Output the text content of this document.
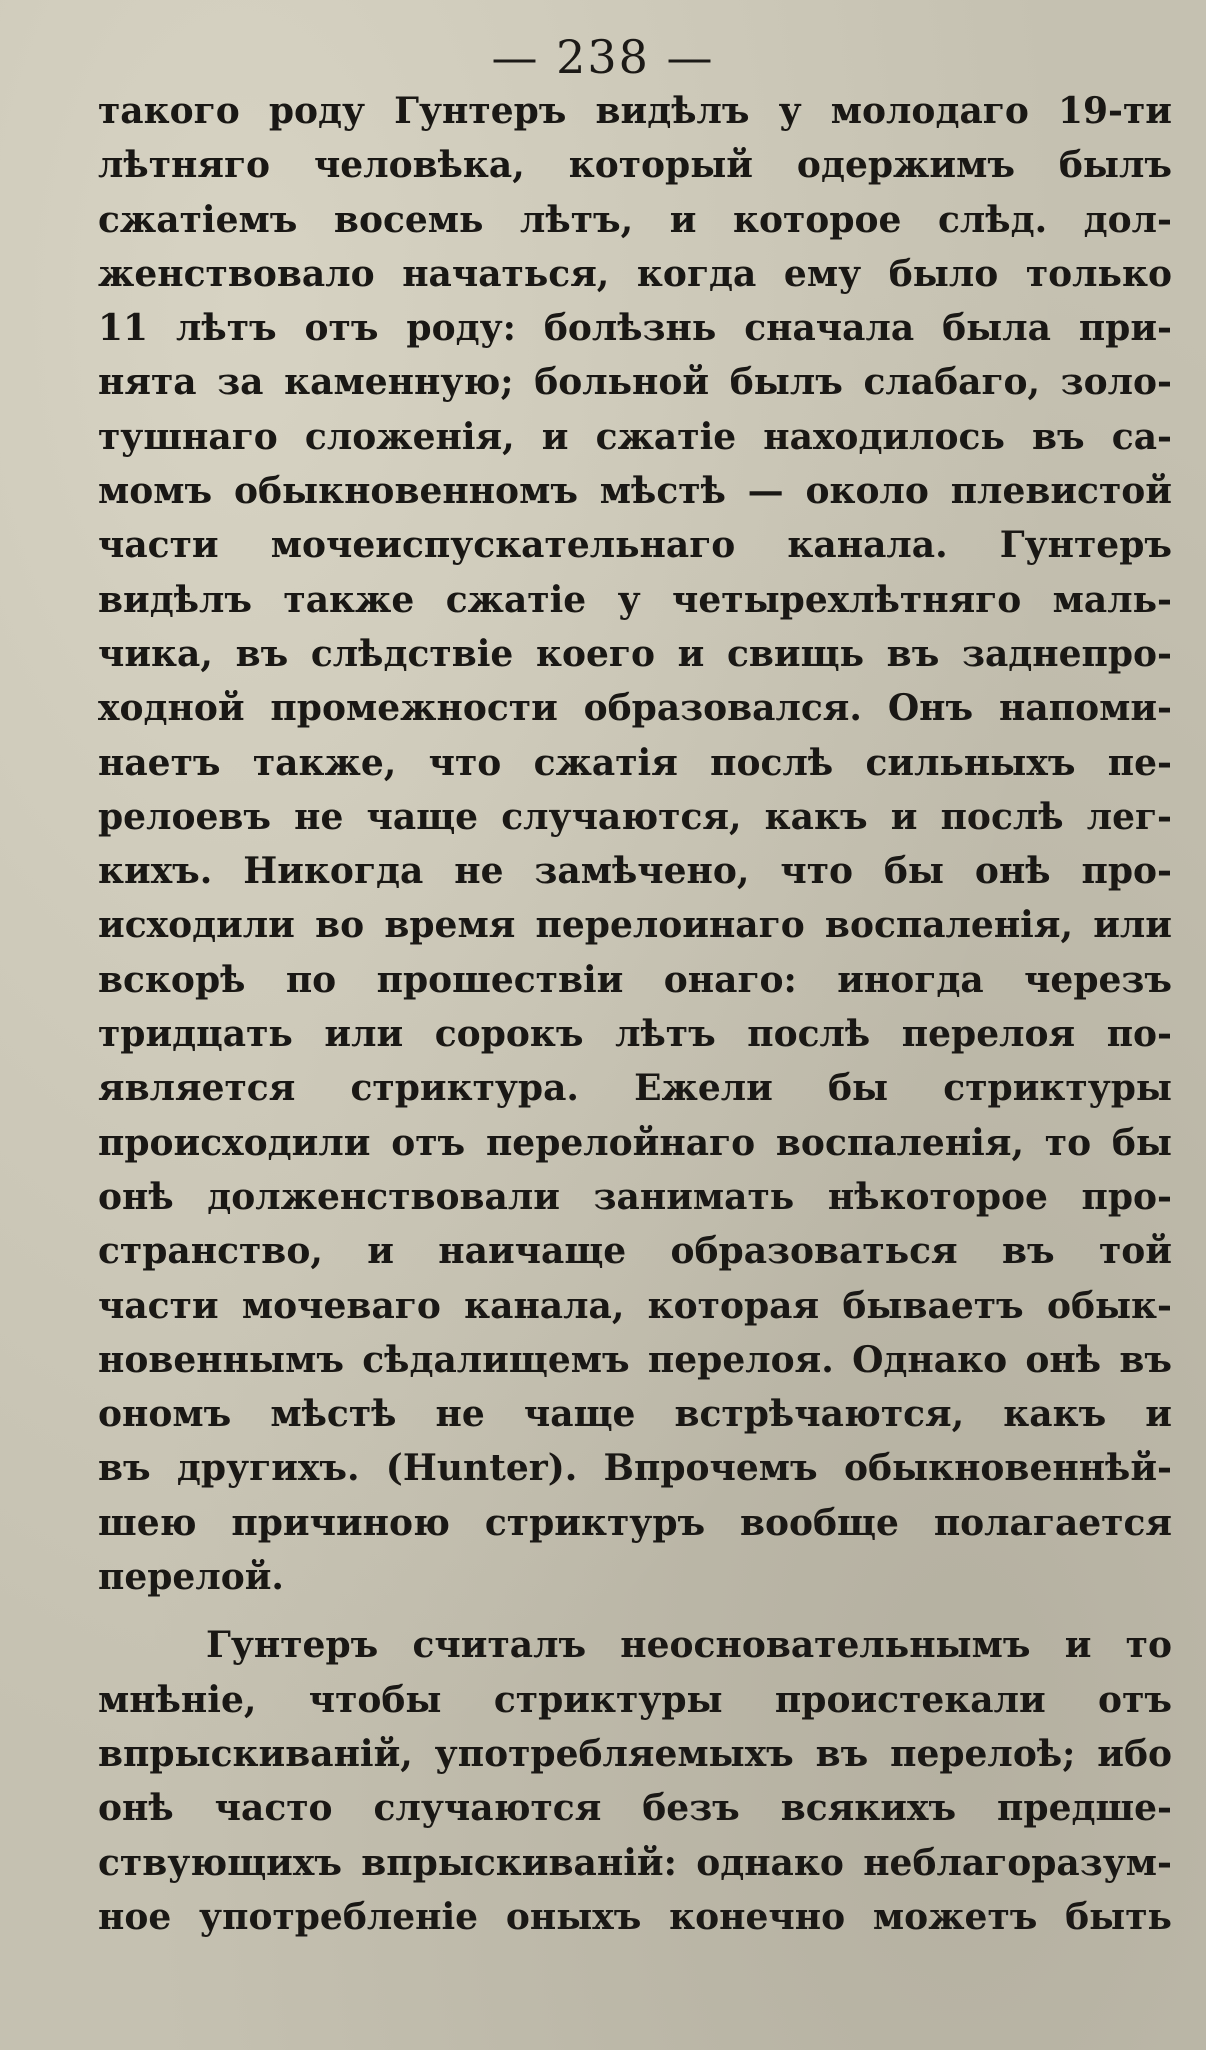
— 238 —
такого роду Гунтеръ видѣлъ у молодаго 19-ти
лѣтняго человѣка, который одержимъ былъ
сжатіемъ восемь лѣтъ, и которое слѣд. дол-
женствовало начаться, когда ему было только
11 лѣтъ отъ роду: болѣзнь сначала была при-
нята за каменную; больной былъ слабаго, золо-
тушнаго сложенія, и сжатіе находилось въ са-
момъ обыкновенномъ мѣстѣ — около плевистой
части мочеиспускательнаго канала. Гунтеръ
видѣлъ также сжатіе у четырехлѣтняго маль-
чика, въ слѣдствіе коего и свищь въ заднепро-
ходной промежности образовался. Онъ напоми-
наетъ также, что сжатія послѣ сильныхъ пе-
релоевъ не чаще случаются, какъ и послѣ лег-
кихъ. Никогда не замѣчено, что бы онѣ про-
исходили во время перелоинаго воспаленія, или
вскорѣ по прошествіи онаго: иногда черезъ
тридцать или сорокъ лѣтъ послѣ перелоя по-
является стриктура. Ежели бы стриктуры
происходили отъ перелойнаго воспаленія, то бы
онѣ долженствовали занимать нѣкоторое про-
странство, и наичаще образоваться въ той
части мочеваго канала, которая бываетъ обык-
новеннымъ сѣдалищемъ перелоя. Однако онѣ въ
ономъ мѣстѣ не чаще встрѣчаются, какъ и
въ другихъ. (Hunter). Впрочемъ обыкновеннѣй-
шею причиною стриктуръ вообще полагается
перелой.
Гунтеръ считалъ неосновательнымъ и то
мнѣніе, чтобы стриктуры проистекали отъ
впрыскиваній, употребляемыхъ въ перелоѣ; ибо
онѣ часто случаются безъ всякихъ предше-
ствующихъ впрыскиваній: однако неблагоразум-
ное употребленіе оныхъ конечно можетъ быть
